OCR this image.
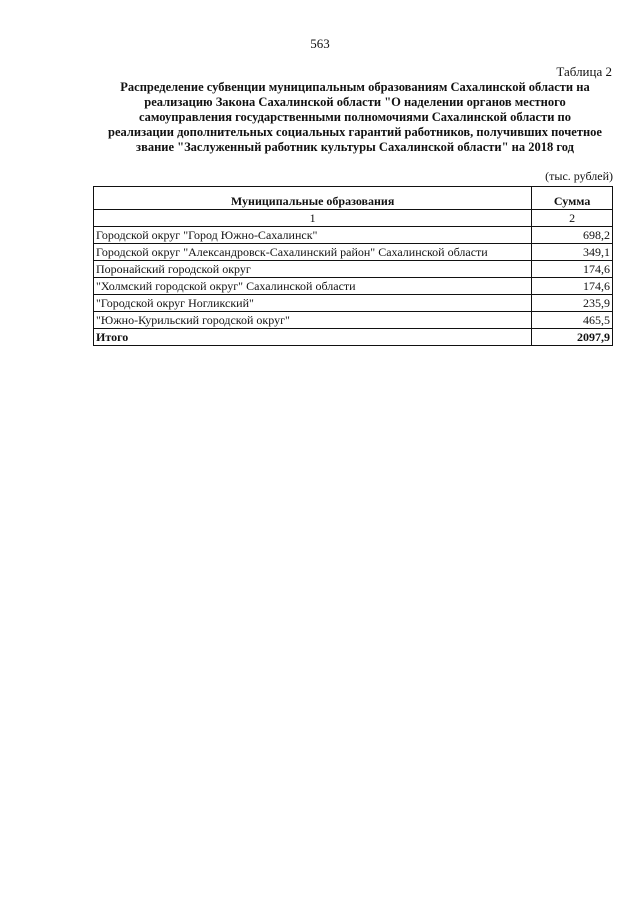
563
Таблица 2
Распределение субвенции муниципальным образованиям Сахалинской области на
реализацию Закона Сахалинской области "О наделении органов местного
самоуправления государственными полномочиями Сахалинской области по
реализации дополнительных социальных гарантий работников, получивших почетное
звание "Заслуженный работник культуры Сахалинской области" на 2018 год
(тыс. рублей)
Муниципальные образования	Сумма
1	2
Городской округ "Город Южно-Сахалинск"	698,2
Городской округ "Александровск-Сахалинский район" Сахалинской области	349,1
Поронайский городской округ	174,6
"Холмский городской округ" Сахалинской области	174,6
"Городской округ Ногликский"	235,9
"Южно-Курильский городской округ"	465,5
Итого	2097,9
